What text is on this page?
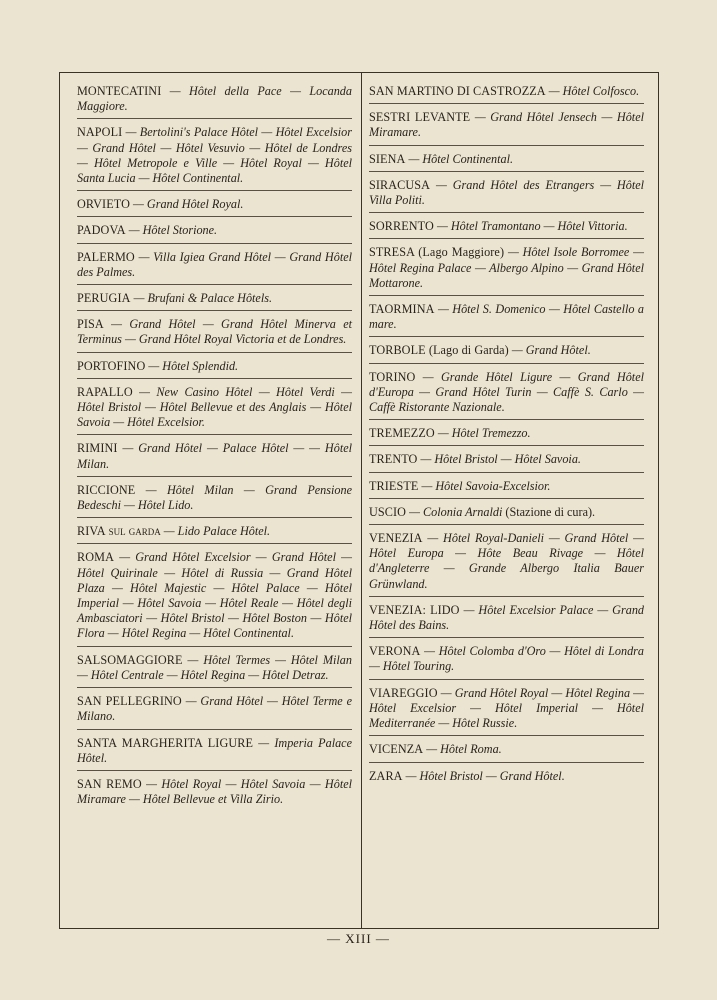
MONTECATINI — Hôtel della Pace — Locanda Maggiore.
NAPOLI — Bertolini's Palace Hôtel — Hôtel Excelsior — Grand Hôtel — Hôtel Vesuvio — Hôtel de Londres — Hôtel Metropole e Ville — Hôtel Royal — Hôtel Santa Lucia — Hôtel Continental.
ORVIETO — Grand Hôtel Royal.
PADOVA — Hôtel Storione.
PALERMO — Villa Igiea Grand Hôtel — Grand Hôtel des Palmes.
PERUGIA — Brufani & Palace Hôtels.
PISA — Grand Hôtel — Grand Hôtel Minerva et Terminus — Grand Hôtel Royal Victoria et de Londres.
PORTOFINO — Hôtel Splendid.
RAPALLO — New Casino Hôtel — Hôtel Verdi — Hôtel Bristol — Hôtel Bellevue et des Anglais — Hôtel Savoia — Hôtel Excelsior.
RIMINI — Grand Hôtel — Palace Hôtel — — Hôtel Milan.
RICCIONE — Hôtel Milan — Grand Pensione Bedeschi — Hôtel Lido.
RIVA sul garda — Lido Palace Hôtel.
ROMA — Grand Hôtel Excelsior — Grand Hôtel — Hôtel Quirinale — Hôtel di Russia — Grand Hôtel Plaza — Hôtel Majestic — Hôtel Palace — Hôtel Imperial — Hôtel Savoia — Hôtel Reale — Hôtel degli Ambasciatori — Hôtel Bristol — Hôtel Boston — Hôtel Flora — Hôtel Regina — Hôtel Continental.
SALSOMAGGIORE — Hôtel Termes — Hôtel Milan — Hôtel Centrale — Hôtel Regina — Hôtel Detraz.
SAN PELLEGRINO — Grand Hôtel — Hôtel Terme e Milano.
SANTA MARGHERITA LIGURE — Imperia Palace Hôtel.
SAN REMO — Hôtel Royal — Hôtel Savoia — Hôtel Miramare — Hôtel Bellevue et Villa Zirio.
SAN MARTINO DI CASTROZZA — Hôtel Colfosco.
SESTRI LEVANTE — Grand Hôtel Jensech — Hôtel Miramare.
SIENA — Hôtel Continental.
SIRACUSA — Grand Hôtel des Etrangers — Hôtel Villa Politi.
SORRENTO — Hôtel Tramontano — Hôtel Vittoria.
STRESA (Lago Maggiore) — Hôtel Isole Borromee — Hôtel Regina Palace — Albergo Alpino — Grand Hôtel Mottarone.
TAORMINA — Hôtel S. Domenico — Hôtel Castello a mare.
TORBOLE (Lago di Garda) — Grand Hôtel.
TORINO — Grande Hôtel Ligure — Grand Hôtel d'Europa — Grand Hôtel Turin — Caffè S. Carlo — Caffè Ristorante Nazionale.
TREMEZZO — Hôtel Tremezzo.
TRENTO — Hôtel Bristol — Hôtel Savoia.
TRIESTE — Hôtel Savoia-Excelsior.
USCIO — Colonia Arnaldi (Stazione di cura).
VENEZIA — Hôtel Royal-Danieli — Grand Hôtel — Hôtel Europa — Hôte Beau Rivage — Hôtel d'Angleterre — Grande Albergo Italia Bauer Grünwland.
VENEZIA: LIDO — Hôtel Excelsior Palace — Grand Hôtel des Bains.
VERONA — Hôtel Colomba d'Oro — Hôtel di Londra — Hôtel Touring.
VIAREGGIO — Grand Hôtel Royal — Hôtel Regina — Hôtel Excelsior — Hôtel Imperial — Hôtel Mediterranée — Hôtel Russie.
VICENZA — Hôtel Roma.
ZARA — Hôtel Bristol — Grand Hôtel.
— XIII —
